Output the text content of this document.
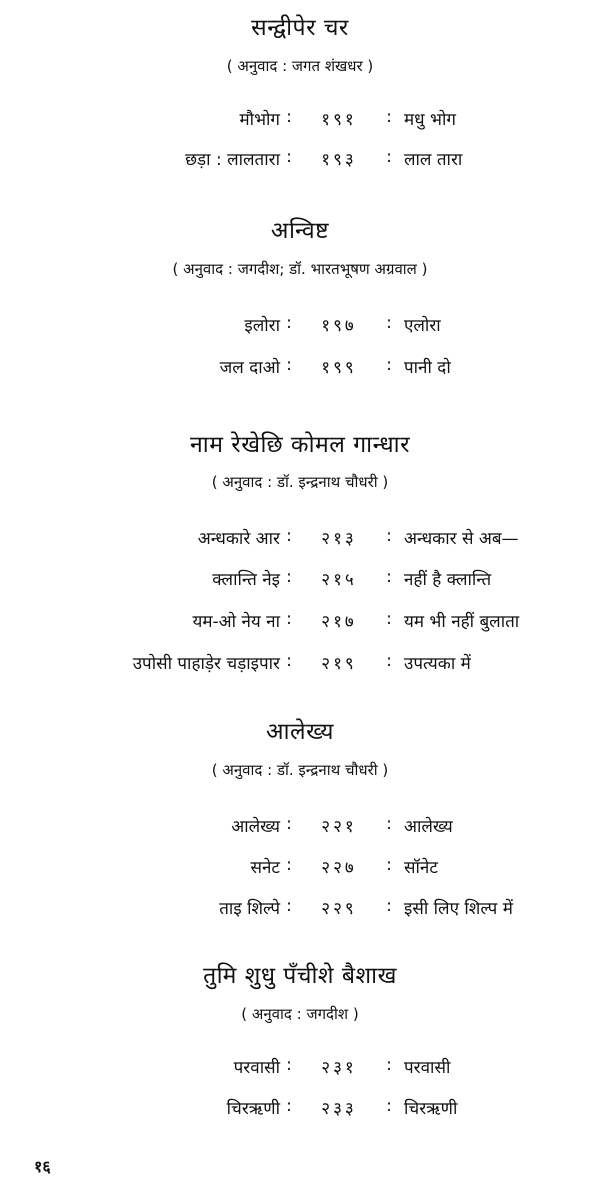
सन्द्वीपेर चर
( अनुवाद : जगत शंखधर )
मौभोग :	१९१	: मधु भोग
छड़ा : लालतारा :	१९३	: लाल तारा
अन्विष्ट
( अनुवाद : जगदीश; डॉ. भारतभूषण अग्रवाल )
इलोरा :	१९७	: एलोरा
जल दाओ :	१९९	: पानी दो
नाम रेखेछि कोमल गान्धार
( अनुवाद : डॉ. इन्द्रनाथ चौधरी )
अन्धकारे आर :	२१३	: अन्धकार से अब—
क्लान्ति नेइ :	२१५	: नहीं है क्लान्ति
यम-ओ नेय ना :	२१७	: यम भी नहीं बुलाता
उपोसी पाहाड़ेर चड़ाइपार :	२१९	: उपत्यका में
आलेख्य
( अनुवाद : डॉ. इन्द्रनाथ चौधरी )
आलेख्य :	२२१	: आलेख्य
सनेट :	२२७	: सॉनेट
ताइ शिल्पे :	२२९	: इसी लिए शिल्प में
तुमि शुधु पँचीशे बैशाख
( अनुवाद : जगदीश )
परवासी :	२३१	: परवासी
चिरऋणी :	२३३	: चिरऋणी
१६
